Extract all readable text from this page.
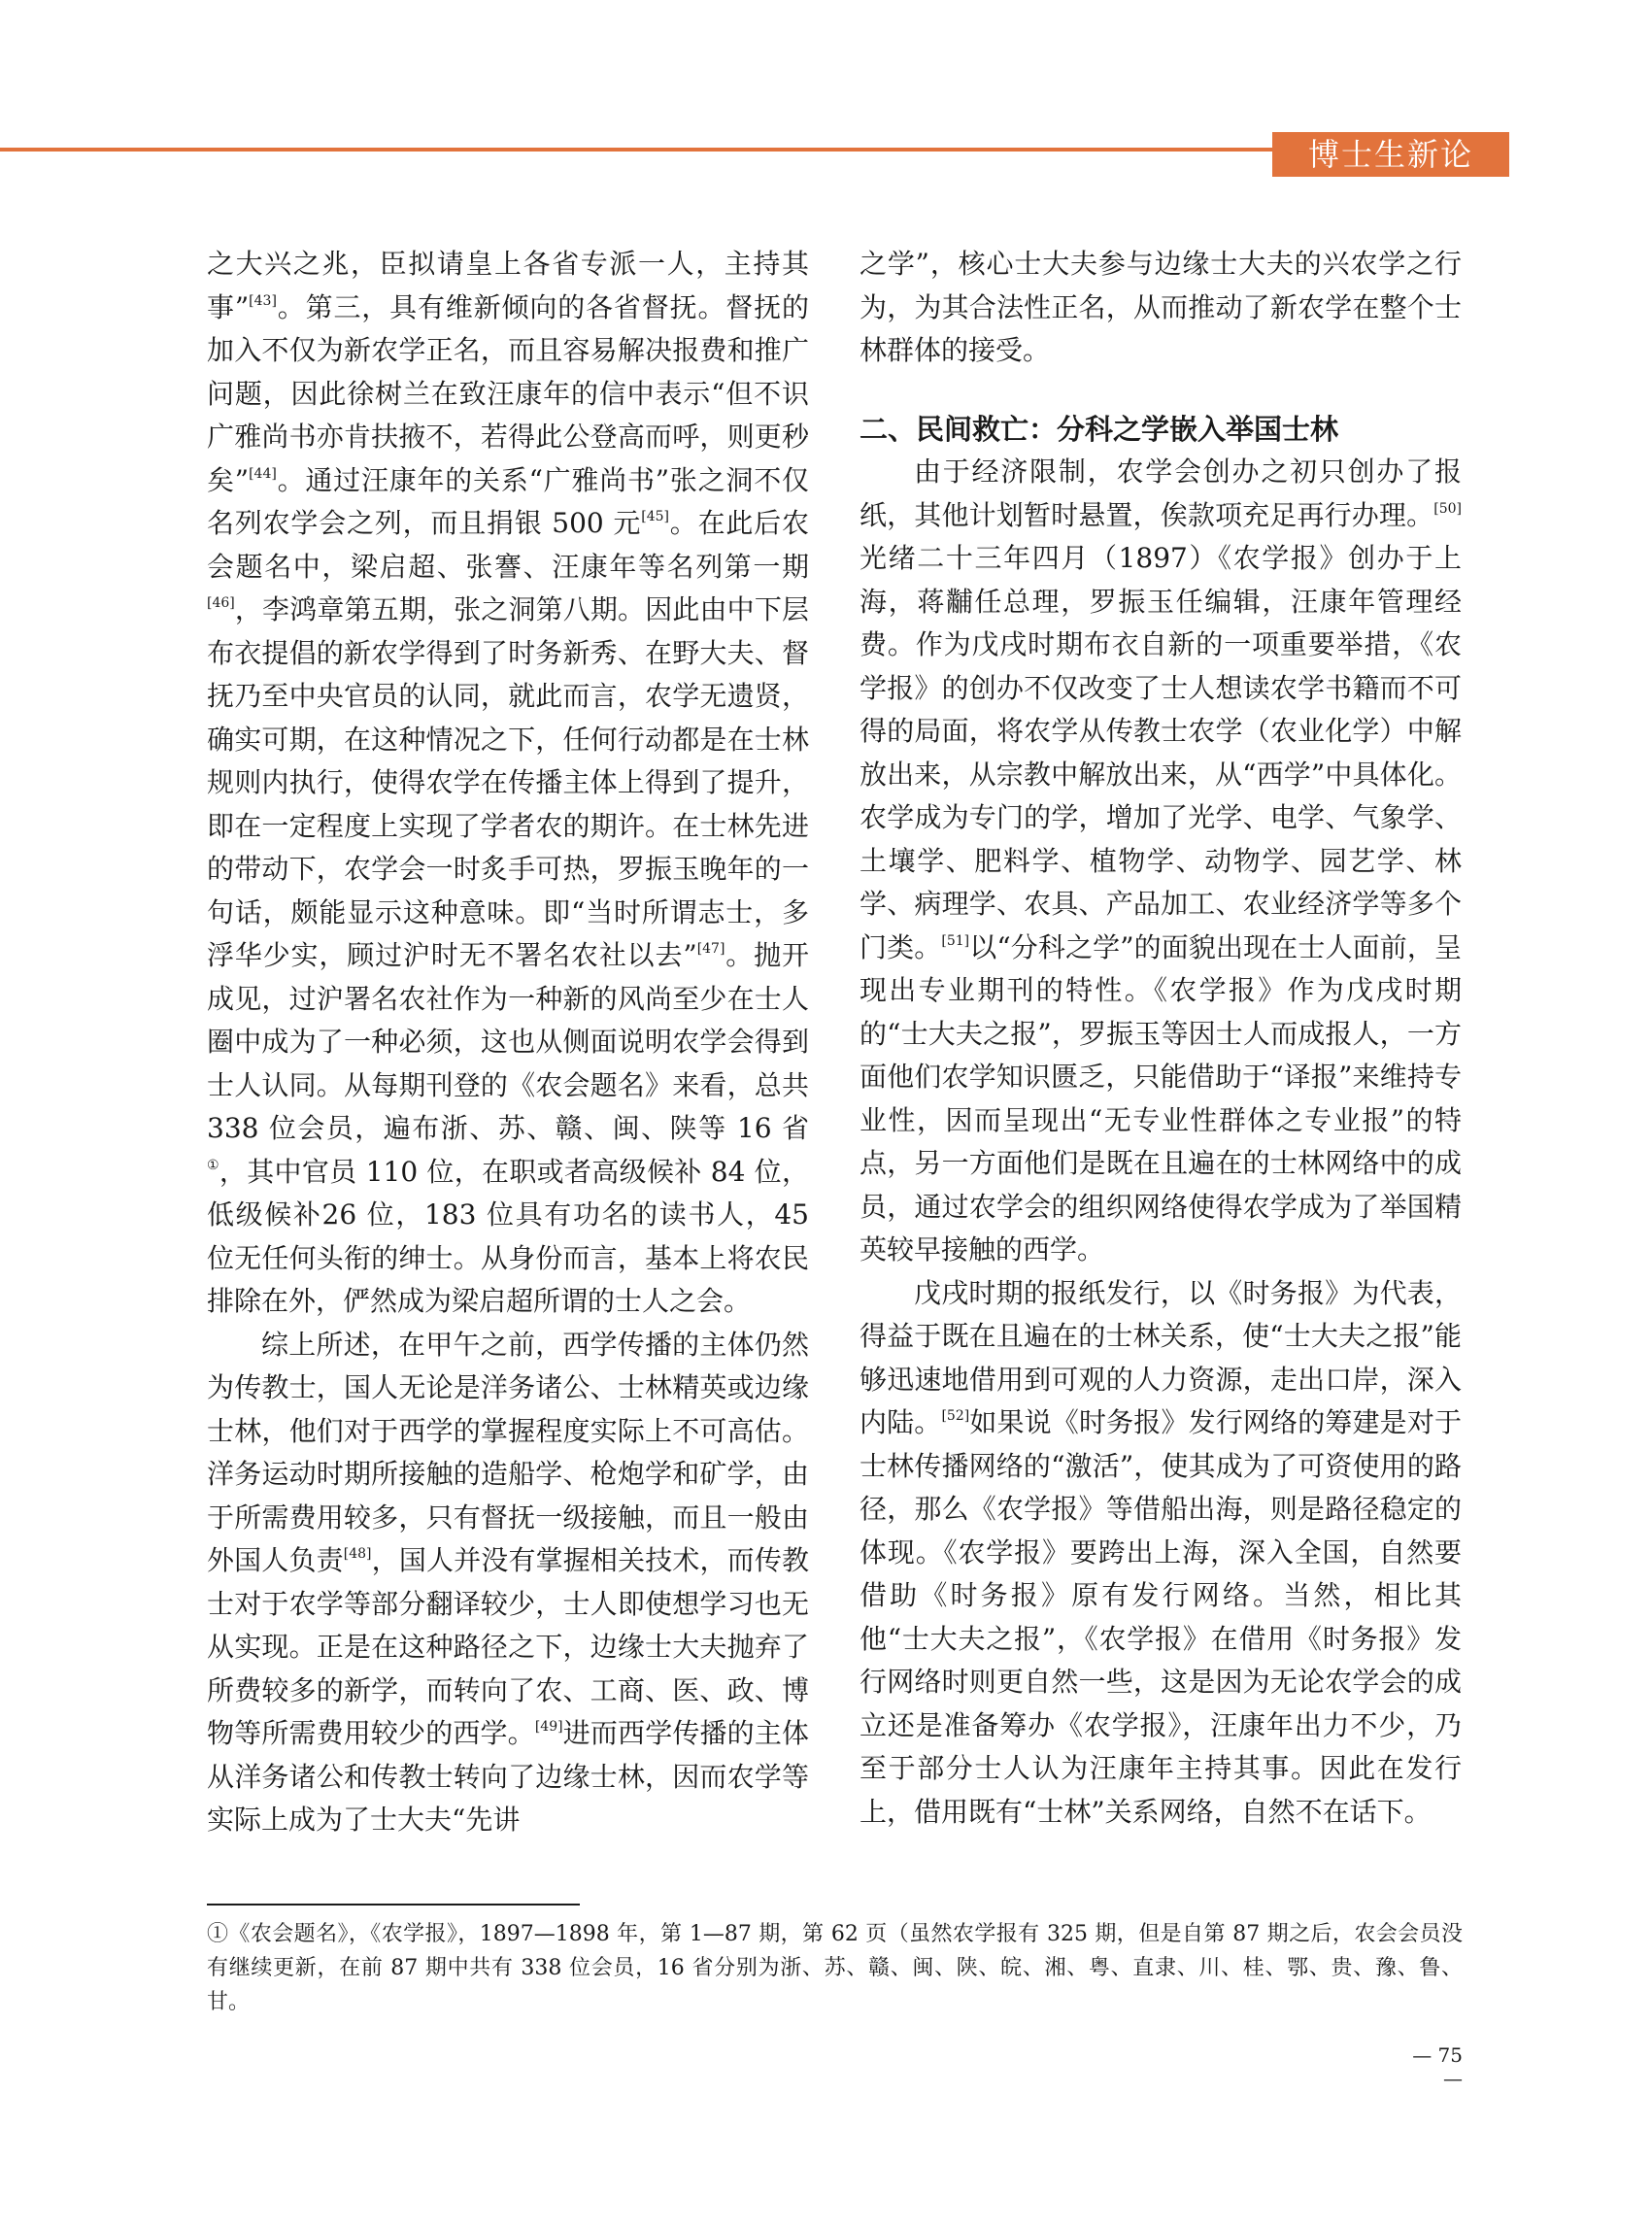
博士生新论

之大兴之兆，臣拟请皇上各省专派一人，主持其事”[43]。第三，具有维新倾向的各省督抚。督抚的加入不仅为新农学正名，而且容易解决报费和推广问题，因此徐树兰在致汪康年的信中表示“但不识广雅尚书亦肯扶掖不，若得此公登高而呼，则更秒矣”[44]。通过汪康年的关系“广雅尚书”张之洞不仅名列农学会之列，而且捐银 500 元[45]。在此后农会题名中，梁启超、张謇、汪康年等名列第一期[46]，李鸿章第五期，张之洞第八期。因此由中下层布衣提倡的新农学得到了时务新秀、在野大夫、督抚乃至中央官员的认同，就此而言，农学无遗贤，确实可期，在这种情况之下，任何行动都是在士林规则内执行，使得农学在传播主体上得到了提升，即在一定程度上实现了学者农的期许。在士林先进的带动下，农学会一时炙手可热，罗振玉晚年的一句话，颇能显示这种意味。即“当时所谓志士，多浮华少实，顾过沪时无不署名农社以去”[47]。抛开成见，过沪署名农社作为一种新的风尚至少在士人圈中成为了一种必须，这也从侧面说明农学会得到士人认同。从每期刊登的《农会题名》来看，总共 338 位会员，遍布浙、苏、赣、闽、陕等 16 省①，其中官员 110 位，在职或者高级候补 84 位，低级候补26 位，183 位具有功名的读书人，45 位无任何头衔的绅士。从身份而言，基本上将农民排除在外，俨然成为梁启超所谓的士人之会。

综上所述，在甲午之前，西学传播的主体仍然为传教士，国人无论是洋务诸公、士林精英或边缘士林，他们对于西学的掌握程度实际上不可高估。洋务运动时期所接触的造船学、枪炮学和矿学，由于所需费用较多，只有督抚一级接触，而且一般由外国人负责[48]，国人并没有掌握相关技术，而传教士对于农学等部分翻译较少，士人即使想学习也无从实现。正是在这种路径之下，边缘士大夫抛弃了所费较多的新学，而转向了农、工商、医、政、博物等所需费用较少的西学。[49]进而西学传播的主体从洋务诸公和传教士转向了边缘士林，因而农学等实际上成为了士大夫“先讲

之学”，核心士大夫参与边缘士大夫的兴农学之行为，为其合法性正名，从而推动了新农学在整个士林群体的接受。

二、民间救亡：分科之学嵌入举国士林

由于经济限制，农学会创办之初只创办了报纸，其他计划暂时悬置，俟款项充足再行办理。[50]光绪二十三年四月（1897）《农学报》创办于上海，蒋黼任总理，罗振玉任编辑，汪康年管理经费。作为戊戌时期布衣自新的一项重要举措，《农学报》的创办不仅改变了士人想读农学书籍而不可得的局面，将农学从传教士农学（农业化学）中解放出来，从宗教中解放出来，从“西学”中具体化。农学成为专门的学，增加了光学、电学、气象学、土壤学、肥料学、植物学、动物学、园艺学、林学、病理学、农具、产品加工、农业经济学等多个门类。[51]以“分科之学”的面貌出现在士人面前，呈现出专业期刊的特性。《农学报》作为戊戌时期的“士大夫之报”，罗振玉等因士人而成报人，一方面他们农学知识匮乏，只能借助于“译报”来维持专业性，因而呈现出“无专业性群体之专业报”的特点，另一方面他们是既在且遍在的士林网络中的成员，通过农学会的组织网络使得农学成为了举国精英较早接触的西学。

戊戌时期的报纸发行，以《时务报》为代表，得益于既在且遍在的士林关系，使“士大夫之报”能够迅速地借用到可观的人力资源，走出口岸，深入内陆。[52]如果说《时务报》发行网络的筹建是对于士林传播网络的“激活”，使其成为了可资使用的路径，那么《农学报》等借船出海，则是路径稳定的体现。《农学报》要跨出上海，深入全国，自然要借助《时务报》原有发行网络。当然，相比其他“士大夫之报”，《农学报》在借用《时务报》发行网络时则更自然一些，这是因为无论农学会的成立还是准备筹办《农学报》，汪康年出力不少，乃至于部分士人认为汪康年主持其事。因此在发行上，借用既有“士林”关系网络，自然不在话下。

①《农会题名》，《农学报》，1897—1898 年，第 1—87 期，第 62 页（虽然农学报有 325 期，但是自第 87 期之后，农会会员没有继续更新，在前 87 期中共有 338 位会员，16 省分别为浙、苏、赣、闽、陕、皖、湘、粤、直隶、川、桂、鄂、贵、豫、鲁、甘。
— 75—
